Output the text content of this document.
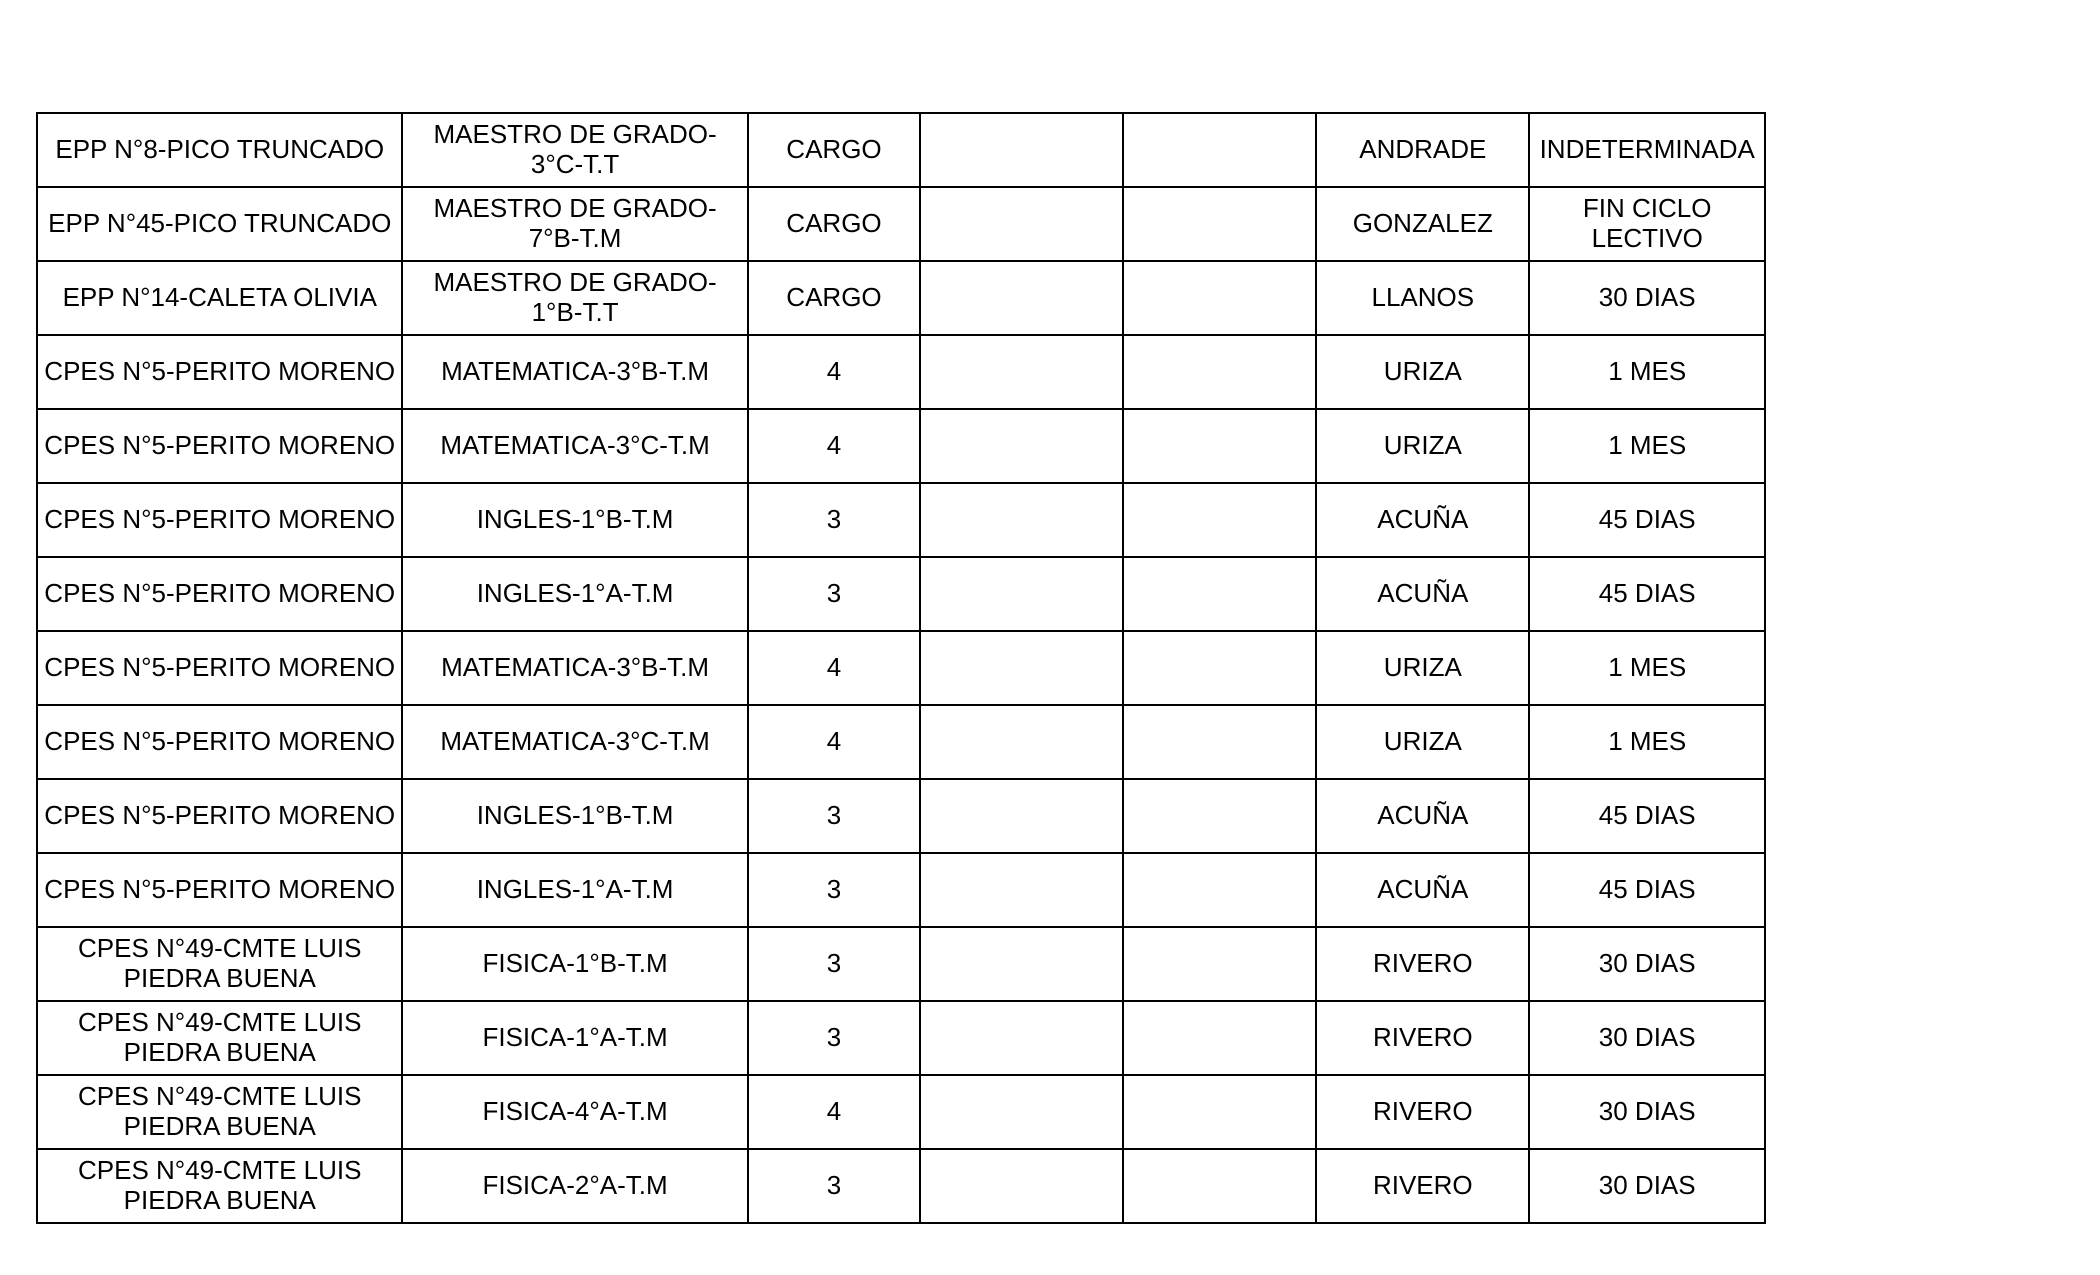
EPP N°8-PICO TRUNCADO	MAESTRO DE GRADO-3°C-T.T	CARGO			ANDRADE	INDETERMINADA
EPP N°45-PICO TRUNCADO	MAESTRO DE GRADO-7°B-T.M	CARGO			GONZALEZ	FIN CICLO LECTIVO
EPP N°14-CALETA OLIVIA	MAESTRO DE GRADO-1°B-T.T	CARGO			LLANOS	30 DIAS
CPES N°5-PERITO MORENO	MATEMATICA-3°B-T.M	4			URIZA	1 MES
CPES N°5-PERITO MORENO	MATEMATICA-3°C-T.M	4			URIZA	1 MES
CPES N°5-PERITO MORENO	INGLES-1°B-T.M	3			ACUÑA	45 DIAS
CPES N°5-PERITO MORENO	INGLES-1°A-T.M	3			ACUÑA	45 DIAS
CPES N°5-PERITO MORENO	MATEMATICA-3°B-T.M	4			URIZA	1 MES
CPES N°5-PERITO MORENO	MATEMATICA-3°C-T.M	4			URIZA	1 MES
CPES N°5-PERITO MORENO	INGLES-1°B-T.M	3			ACUÑA	45 DIAS
CPES N°5-PERITO MORENO	INGLES-1°A-T.M	3			ACUÑA	45 DIAS
CPES N°49-CMTE LUIS PIEDRA BUENA	FISICA-1°B-T.M	3			RIVERO	30 DIAS
CPES N°49-CMTE LUIS PIEDRA BUENA	FISICA-1°A-T.M	3			RIVERO	30 DIAS
CPES N°49-CMTE LUIS PIEDRA BUENA	FISICA-4°A-T.M	4			RIVERO	30 DIAS
CPES N°49-CMTE LUIS PIEDRA BUENA	FISICA-2°A-T.M	3			RIVERO	30 DIAS
